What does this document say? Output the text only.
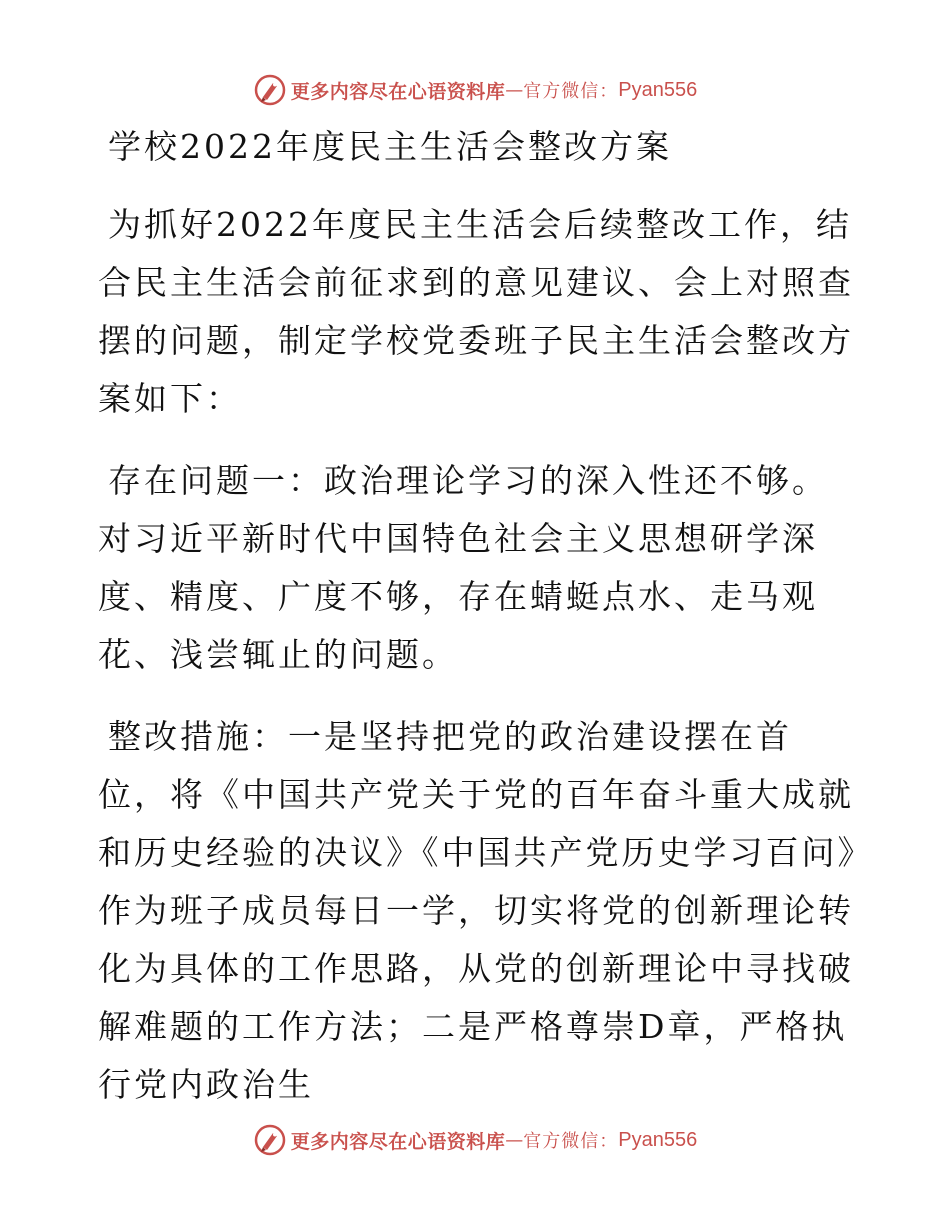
更多内容尽在心语资料库 — 官方微信： Pyan556

学校2022年度民主生活会整改方案

为抓好2022年度民主生活会后续整改工作，结合民主生活会前征求到的意见建议、会上对照查摆的问题，制定学校党委班子民主生活会整改方案如下：

存在问题一：政治理论学习的深入性还不够。对习近平新时代中国特色社会主义思想研学深度、精度、广度不够，存在蜻蜓点水、走马观花、浅尝辄止的问题。

整改措施：一是坚持把党的政治建设摆在首位，将《中国共产党关于党的百年奋斗重大成就和历史经验的决议》《中国共产党历史学习百问》作为班子成员每日一学，切实将党的创新理论转化为具体的工作思路，从党的创新理论中寻找破解难题的工作方法；二是严格尊崇D章，严格执行党内政治生

更多内容尽在心语资料库 — 官方微信： Pyan556
